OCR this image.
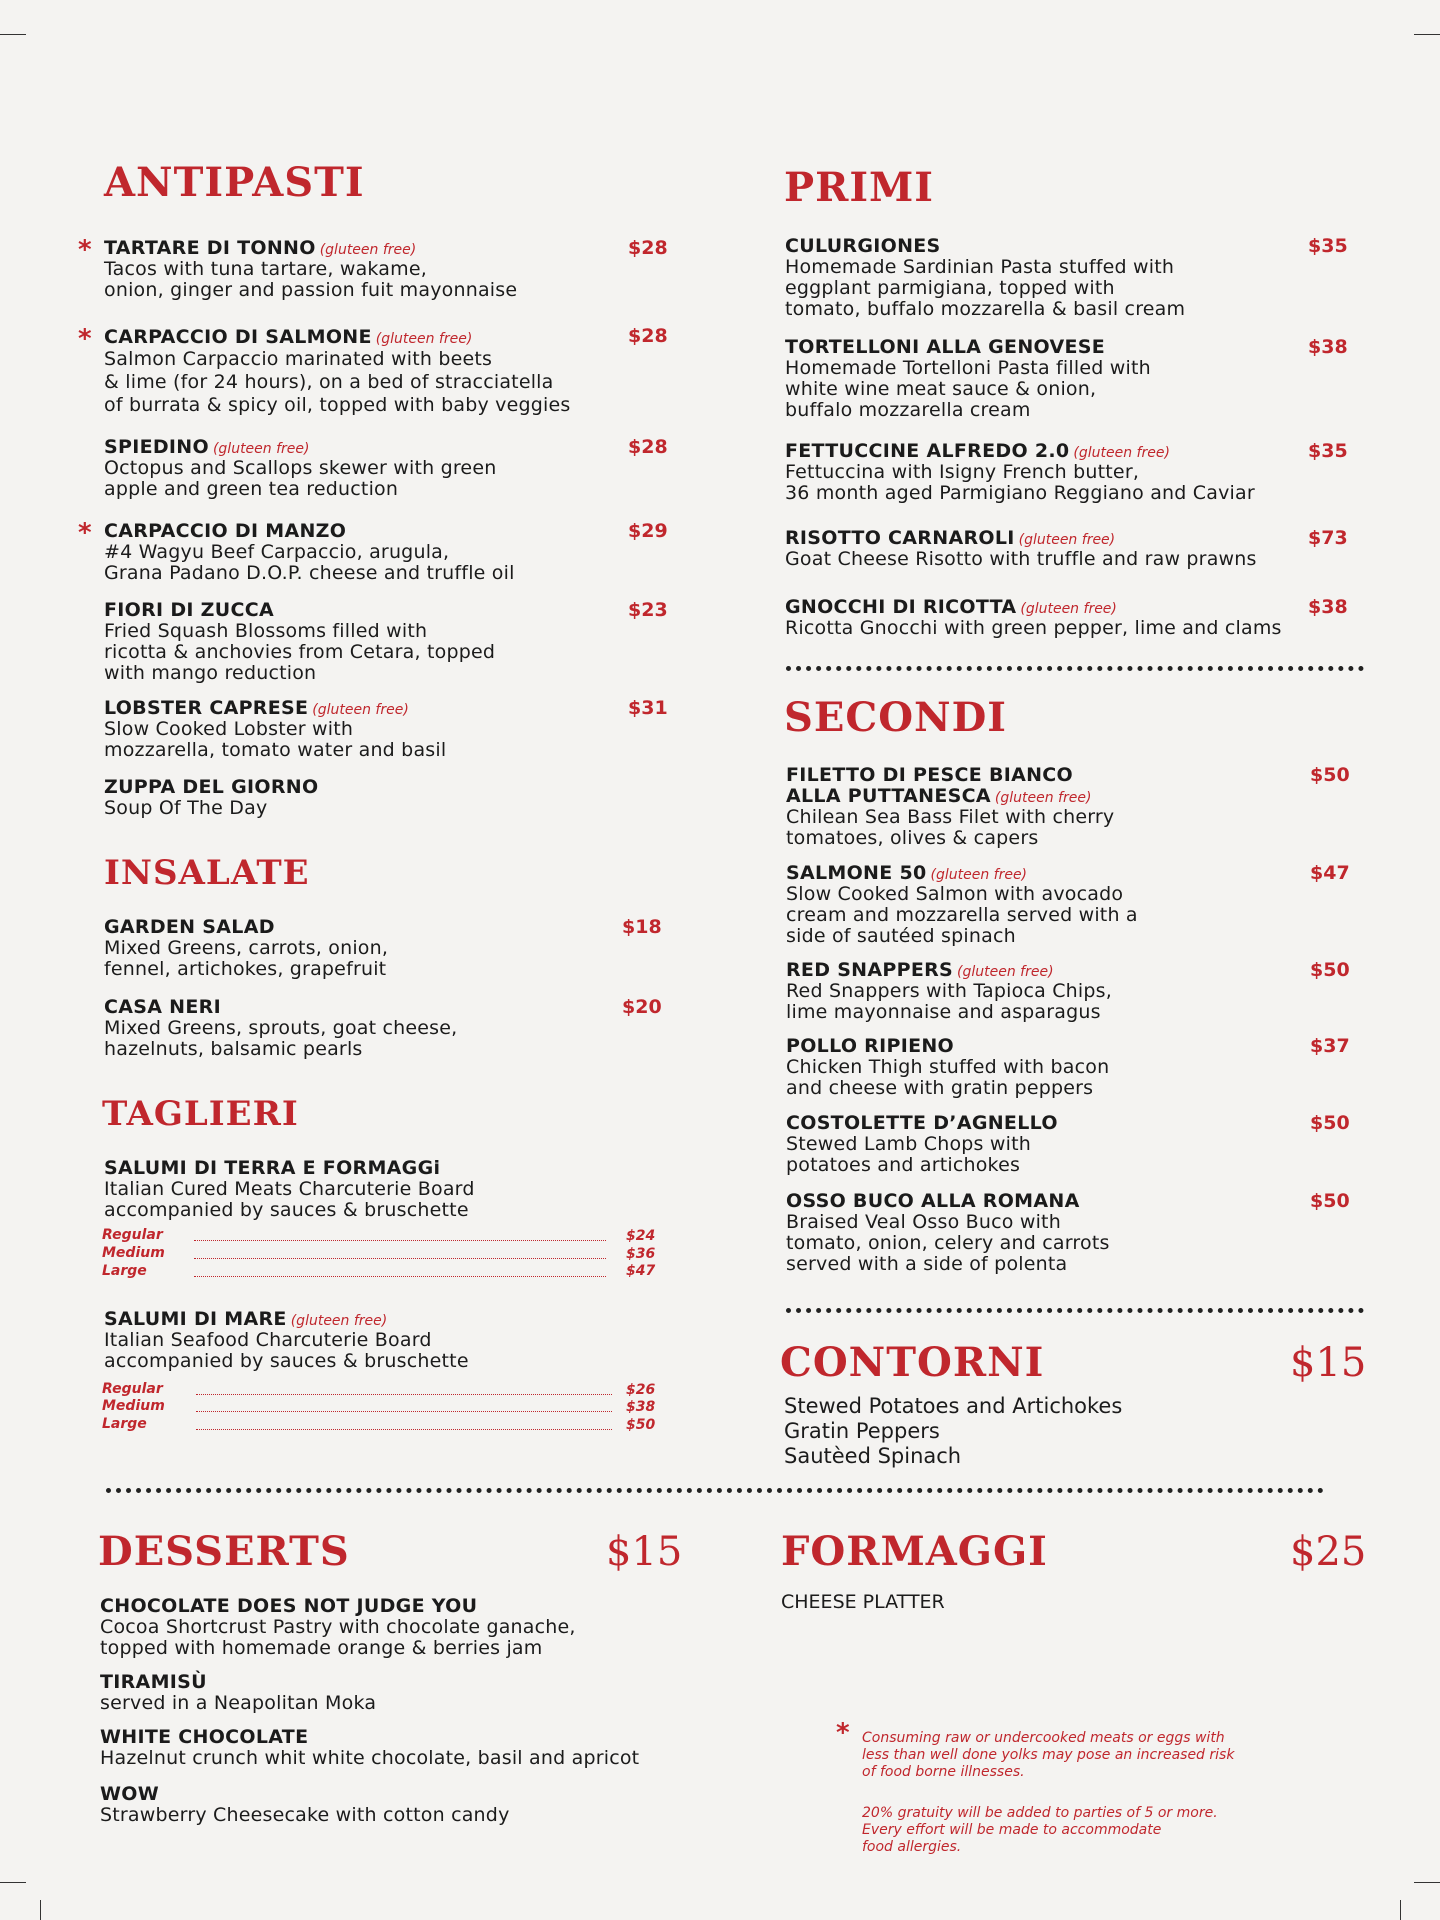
ANTIPASTI
* TARTARE DI TONNO (gluteen free)
Tacos with tuna tartare, wakame,
onion, ginger and passion fuit mayonnaise
$28
* CARPACCIO DI SALMONE (gluteen free)
Salmon Carpaccio marinated with beets
& lime (for 24 hours), on a bed of stracciatella
of burrata & spicy oil, topped with baby veggies
$28
SPIEDINO (gluteen free)
Octopus and Scallops skewer with green
apple and green tea reduction
$28
* CARPACCIO DI MANZO
#4 Wagyu Beef Carpaccio, arugula,
Grana Padano D.O.P. cheese and truffle oil
$29
FIORI DI ZUCCA
Fried Squash Blossoms filled with
ricotta & anchovies from Cetara, topped
with mango reduction
$23
LOBSTER CAPRESE (gluteen free)
Slow Cooked Lobster with
mozzarella, tomato water and basil
$31
ZUPPA DEL GIORNO
Soup Of The Day
INSALATE
GARDEN SALAD
Mixed Greens, carrots, onion,
fennel, artichokes, grapefruit
$18
CASA NERI
Mixed Greens, sprouts, goat cheese,
hazelnuts, balsamic pearls
$20
TAGLIERI
SALUMI DI TERRA E FORMAGGi
Italian Cured Meats Charcuterie Board
accompanied by sauces & bruschette
Regular	$24
Medium	$36
Large	$47
SALUMI DI MARE (gluteen free)
Italian Seafood Charcuterie Board
accompanied by sauces & bruschette
Regular	$26
Medium	$38
Large	$50
PRIMI
CULURGIONES
Homemade Sardinian Pasta stuffed with
eggplant parmigiana, topped with
tomato, buffalo mozzarella & basil cream
$35
TORTELLONI ALLA GENOVESE
Homemade Tortelloni Pasta filled with
white wine meat sauce & onion,
buffalo mozzarella cream
$38
FETTUCCINE ALFREDO 2.0 (gluteen free)
Fettuccina with Isigny French butter,
36 month aged Parmigiano Reggiano and Caviar
$35
RISOTTO CARNAROLI (gluteen free)
Goat Cheese Risotto with truffle and raw prawns
$73
GNOCCHI DI RICOTTA (gluteen free)
Ricotta Gnocchi with green pepper, lime and clams
$38
SECONDI
FILETTO DI PESCE BIANCO
ALLA PUTTANESCA (gluteen free)
Chilean Sea Bass Filet with cherry
tomatoes, olives & capers
$50
SALMONE 50 (gluteen free)
Slow Cooked Salmon with avocado
cream and mozzarella served with a
side of sautéed spinach
$47
RED SNAPPERS (gluteen free)
Red Snappers with Tapioca Chips,
lime mayonnaise and asparagus
$50
POLLO RIPIENO
Chicken Thigh stuffed with bacon
and cheese with gratin peppers
$37
COSTOLETTE D’AGNELLO
Stewed Lamb Chops with
potatoes and artichokes
$50
OSSO BUCO ALLA ROMANA
Braised Veal Osso Buco with
tomato, onion, celery and carrots
served with a side of polenta
$50
CONTORNI	$15
Stewed Potatoes and Artichokes
Gratin Peppers
Sautèed Spinach
DESSERTS	$15
CHOCOLATE DOES NOT JUDGE YOU
Cocoa Shortcrust Pastry with chocolate ganache,
topped with homemade orange & berries jam
TIRAMISÙ
served in a Neapolitan Moka
WHITE CHOCOLATE
Hazelnut crunch whit white chocolate, basil and apricot
WOW
Strawberry Cheesecake with cotton candy
FORMAGGI	$25
CHEESE PLATTER
* Consuming raw or undercooked meats or eggs with
less than well done yolks may pose an increased risk
of food borne illnesses.
20% gratuity will be added to parties of 5 or more.
Every effort will be made to accommodate
food allergies.
